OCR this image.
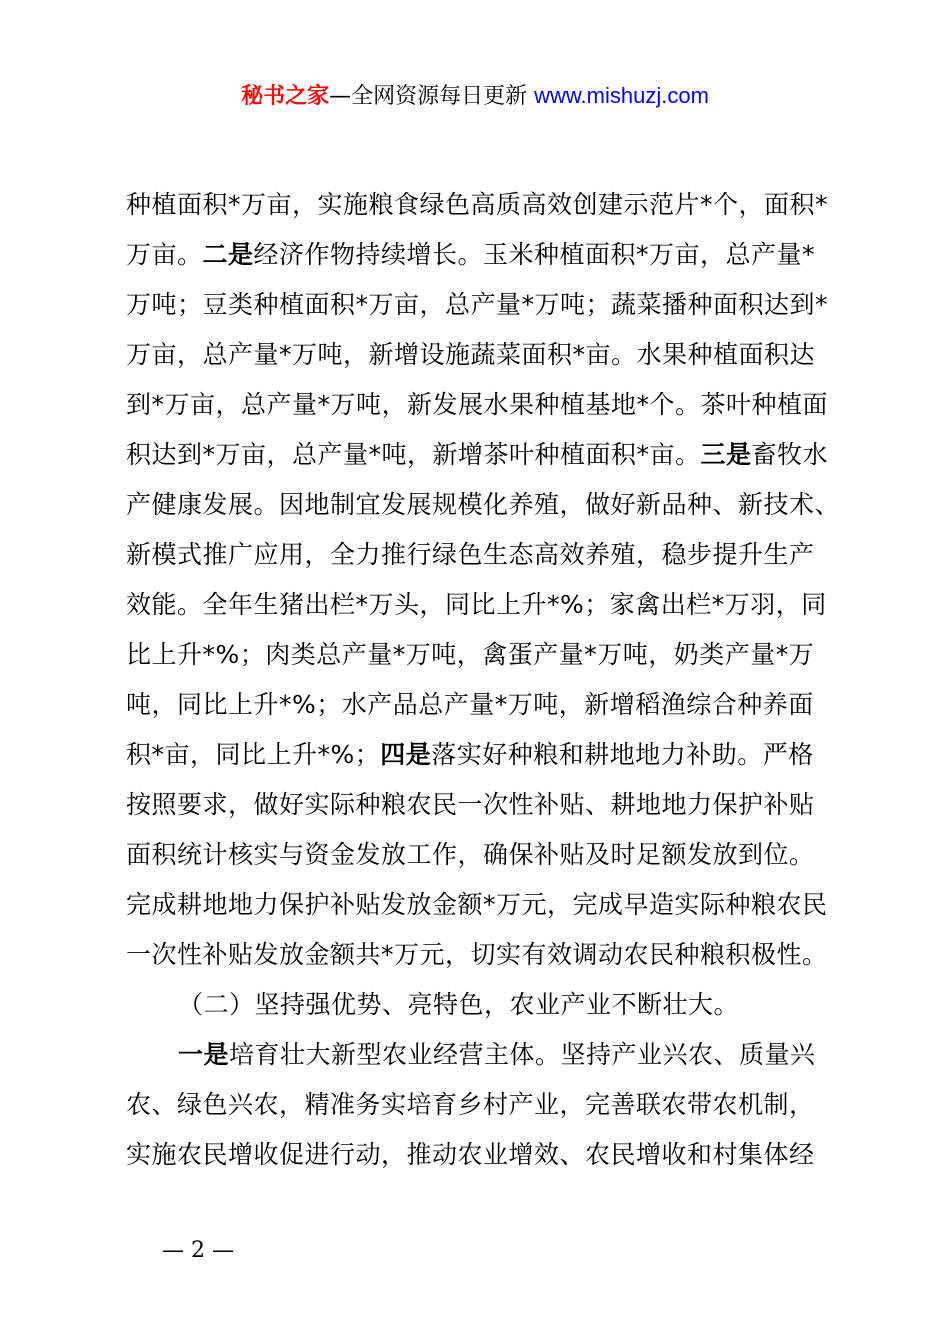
秘书之家—全网资源每日更新 www.mishuzj.com
种植面积*万亩，实施粮食绿色高质高效创建示范片*个，面积*
万亩。二是经济作物持续增长。玉米种植面积*万亩，总产量*
万吨；豆类种植面积*万亩，总产量*万吨；蔬菜播种面积达到*
万亩，总产量*万吨，新增设施蔬菜面积*亩。水果种植面积达
到*万亩，总产量*万吨，新发展水果种植基地*个。茶叶种植面
积达到*万亩，总产量*吨，新增茶叶种植面积*亩。三是畜牧水
产健康发展。因地制宜发展规模化养殖，做好新品种、新技术、
新模式推广应用，全力推行绿色生态高效养殖，稳步提升生产
效能。全年生猪出栏*万头，同比上升*%；家禽出栏*万羽，同
比上升*%；肉类总产量*万吨，禽蛋产量*万吨，奶类产量*万
吨，同比上升*%；水产品总产量*万吨，新增稻渔综合种养面
积*亩，同比上升*%；四是落实好种粮和耕地地力补助。严格
按照要求，做好实际种粮农民一次性补贴、耕地地力保护补贴
面积统计核实与资金发放工作，确保补贴及时足额发放到位。
完成耕地地力保护补贴发放金额*万元，完成早造实际种粮农民
一次性补贴发放金额共*万元，切实有效调动农民种粮积极性。
（二）坚持强优势、亮特色，农业产业不断壮大。
一是培育壮大新型农业经营主体。坚持产业兴农、质量兴
农、绿色兴农，精准务实培育乡村产业，完善联农带农机制，
实施农民增收促进行动，推动农业增效、农民增收和村集体经
— 2 —
